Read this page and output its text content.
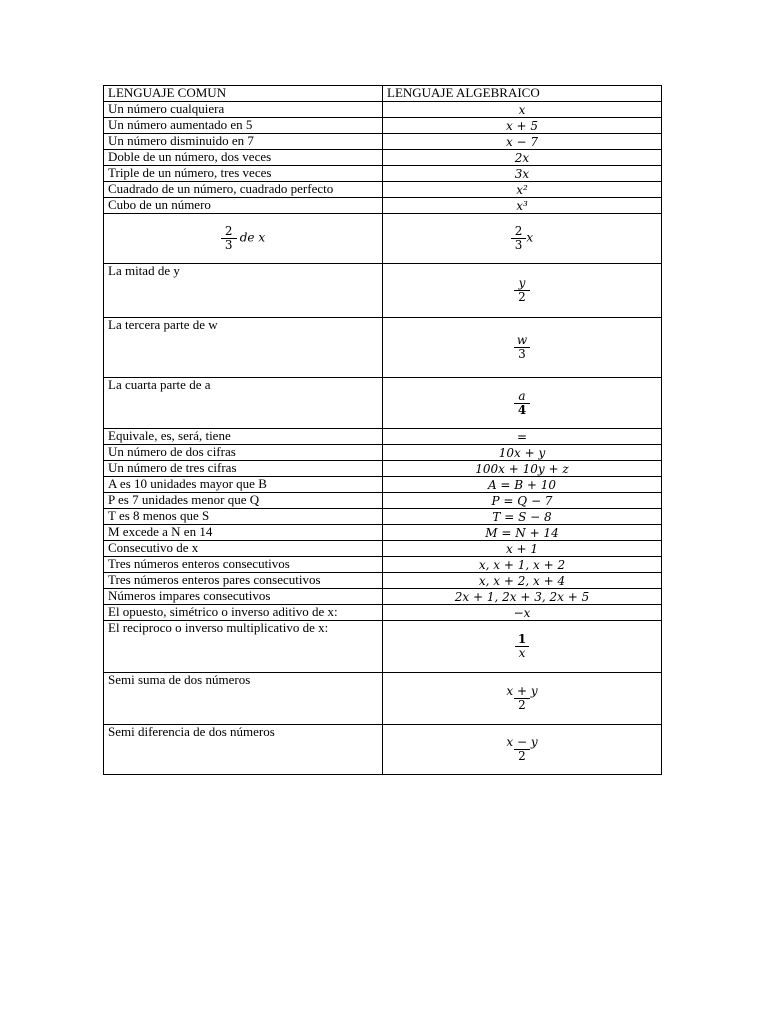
LENGUAJE COMUN	LENGUAJE ALGEBRAICO
Un número cualquiera	x
Un número aumentado en 5	x + 5
Un número disminuido en 7	x − 7
Doble de un número, dos veces	2x
Triple de un número, tres veces	3x
Cuadrado de un número, cuadrado perfecto	x²
Cubo de un número	x³

$\frac{2}{3}$ de x	$\frac{2}{3}$ x
La mitad de y	$\frac{y}{2}$

La tercera parte de w	$\frac{w}{3}$

La cuarta parte de a	$\frac{a}{4}$

Equivale, es, será, tiene	=
Un número de dos cifras	10x + y
Un número de tres cifras	100x + 10y + z
A es 10 unidades mayor que B	A = B + 10
P es 7 unidades menor que Q	P = Q − 7
T es 8 menos que S	T = S − 8
M excede a N en 14	M = N + 14
Consecutivo de x	x + 1
Tres números enteros consecutivos	x, x + 1, x + 2
Tres números enteros pares consecutivos	x, x + 2, x + 4
Números impares consecutivos	2x + 1, 2x + 3, 2x + 5
El opuesto, simétrico o inverso aditivo de x:	−x
El reciproco o inverso multiplicativo de x:	$\frac{1}{x}$

Semi suma de dos números	$\frac{x + y}{2}$

Semi diferencia de dos números	$\frac{x - y}{2}$
